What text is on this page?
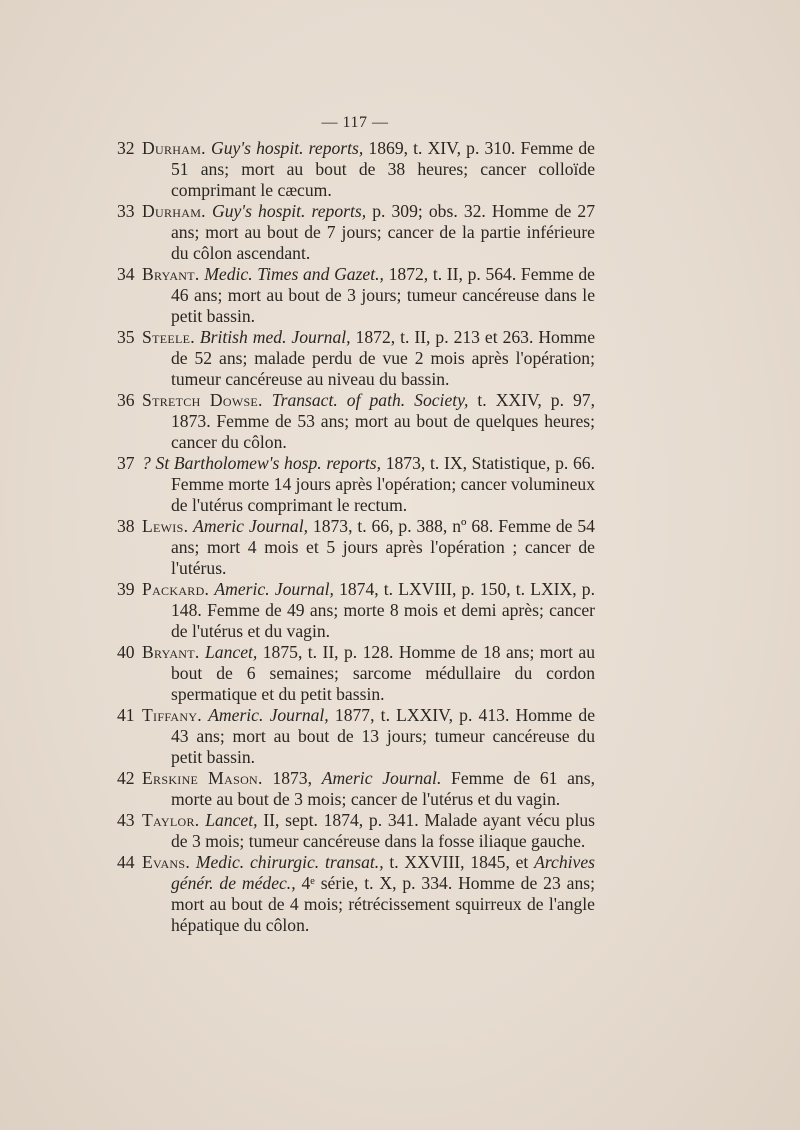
— 117 —
32 Durham. Guy's hospit. reports, 1869, t. XIV, p. 310. Femme de 51 ans; mort au bout de 38 heures; cancer colloïde comprimant le cæcum.
33 Durham. Guy's hospit. reports, p. 309; obs. 32. Homme de 27 ans; mort au bout de 7 jours; cancer de la partie inférieure du côlon ascendant.
34 Bryant. Medic. Times and Gazet., 1872, t. II, p. 564. Femme de 46 ans; mort au bout de 3 jours; tumeur cancéreuse dans le petit bassin.
35 Steele. British med. Journal, 1872, t. II, p. 213 et 263. Homme de 52 ans; malade perdu de vue 2 mois après l'opération; tumeur cancéreuse au niveau du bassin.
36 Stretch Dowse. Transact. of path. Society, t. XXIV, p. 97, 1873. Femme de 53 ans; mort au bout de quelques heures; cancer du côlon.
37 ? St Bartholomew's hosp. reports, 1873, t. IX, Statistique, p. 66. Femme morte 14 jours après l'opération; cancer volumineux de l'utérus comprimant le rectum.
38 Lewis. Americ Journal, 1873, t. 66, p. 388, nº 68. Femme de 54 ans; mort 4 mois et 5 jours après l'opération ; cancer de l'utérus.
39 Packard. Americ. Journal, 1874, t. LXVIII, p. 150, t. LXIX, p. 148. Femme de 49 ans; morte 8 mois et demi après; cancer de l'utérus et du vagin.
40 Bryant. Lancet, 1875, t. II, p. 128. Homme de 18 ans; mort au bout de 6 semaines; sarcome médullaire du cordon spermatique et du petit bassin.
41 Tiffany. Americ. Journal, 1877, t. LXXIV, p. 413. Homme de 43 ans; mort au bout de 13 jours; tumeur cancéreuse du petit bassin.
42 Erskine Mason. 1873, Americ Journal. Femme de 61 ans, morte au bout de 3 mois; cancer de l'utérus et du vagin.
43 Taylor. Lancet, II, sept. 1874, p. 341. Malade ayant vécu plus de 3 mois; tumeur cancéreuse dans la fosse iliaque gauche.
44 Evans. Medic. chirurgic. transat., t. XXVIII, 1845, et Archives génér. de médec., 4ᵉ série, t. X, p. 334. Homme de 23 ans; mort au bout de 4 mois; rétrécissement squirreux de l'angle hépatique du côlon.
